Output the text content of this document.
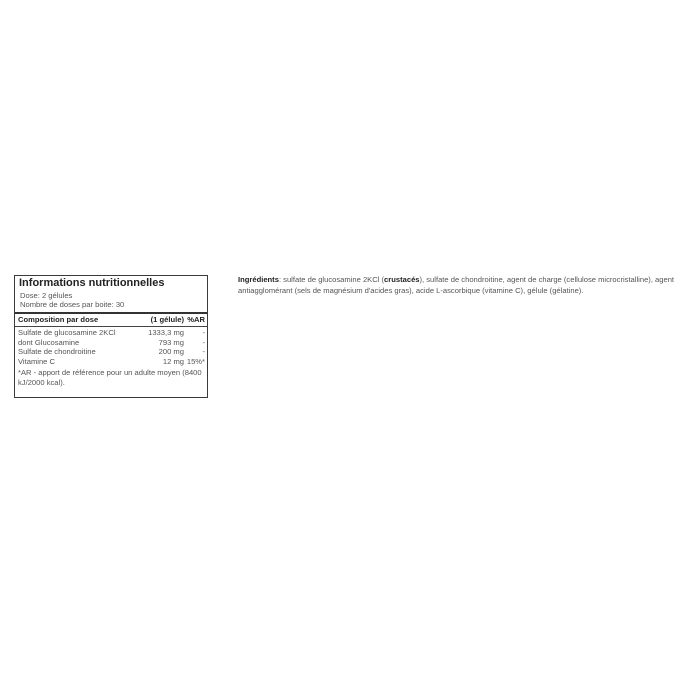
Informations nutritionnelles
Dose: 2 gélules
Nombre de doses par boite: 30
Composition par dose	(1 gélule)	%AR

Sulfate de glucosamine 2KCl	1333,3 mg	-
dont Glucosamine	793 mg	-
Sulfate de chondroitine	200 mg	-
Vitamine C	12 mg	15%*
*AR - apport de référence pour un adulte moyen (8400 kJ/2000 kcal).
Ingrédients: sulfate de glucosamine 2KCl (crustacés), sulfate de chondroitine, agent de charge (cellulose microcristalline), agent antiagglomérant (sels de magnésium d'acides gras), acide L-ascorbique (vitamine C), gélule (gélatine).
